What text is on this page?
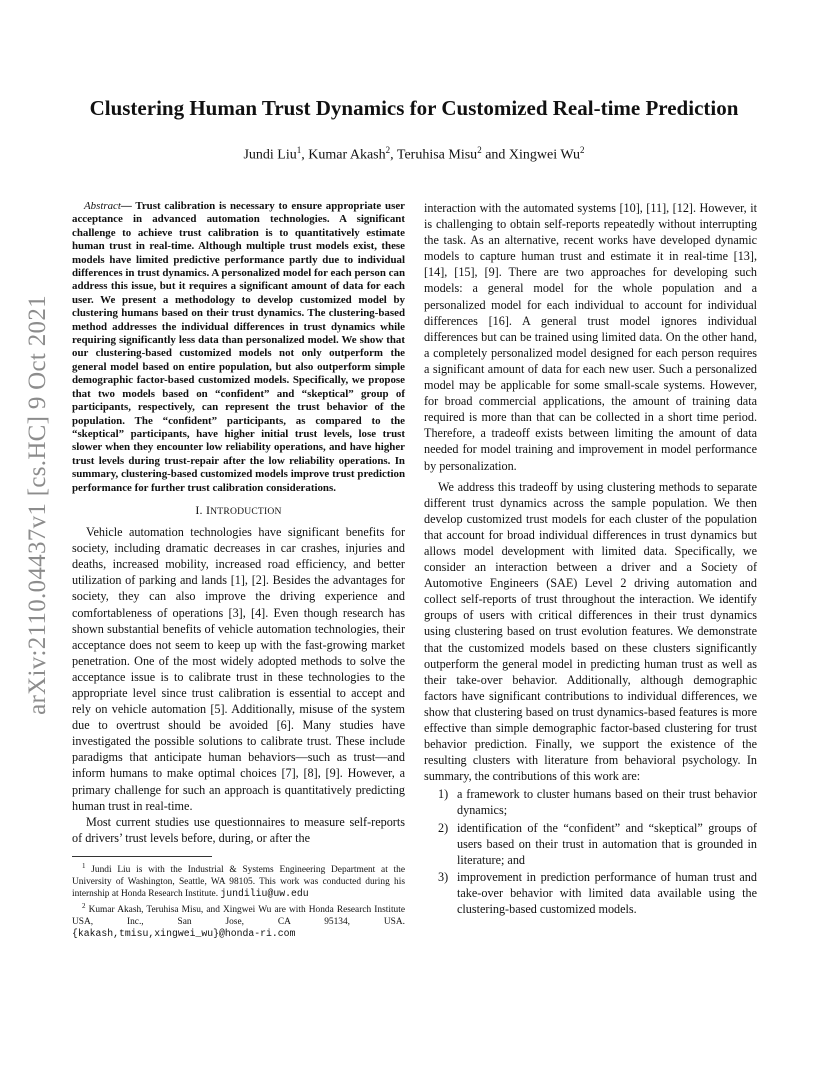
arXiv:2110.04437v1 [cs.HC] 9 Oct 2021
Clustering Human Trust Dynamics for Customized Real-time Prediction

Jundi Liu$^1$, Kumar Akash$^2$, Teruhisa Misu$^2$ and Xingwei Wu$^2$

Abstract— Trust calibration is necessary to ensure appropriate user acceptance in advanced automation technologies. A significant challenge to achieve trust calibration is to quantitatively estimate human trust in real-time. Although multiple trust models exist, these models have limited predictive performance partly due to individual differences in trust dynamics. A personalized model for each person can address this issue, but it requires a significant amount of data for each user. We present a methodology to develop customized model by clustering humans based on their trust dynamics. The clustering-based method addresses the individual differences in trust dynamics while requiring significantly less data than personalized model. We show that our clustering-based customized models not only outperform the general model based on entire population, but also outperform simple demographic factor-based customized models. Specifically, we propose that two models based on “confident” and “skeptical” group of participants, respectively, can represent the trust behavior of the population. The “confident” participants, as compared to the “skeptical” participants, have higher initial trust levels, lose trust slower when they encounter low reliability operations, and have higher trust levels during trust-repair after the low reliability operations. In summary, clustering-based customized models improve trust prediction performance for further trust calibration considerations.

I. INTRODUCTION

Vehicle automation technologies have significant benefits for society, including dramatic decreases in car crashes, injuries and deaths, increased mobility, increased road efficiency, and better utilization of parking and lands [1], [2]. Besides the advantages for society, they can also improve the driving experience and comfortableness of operations [3], [4]. Even though research has shown substantial benefits of vehicle automation technologies, their acceptance does not seem to keep up with the fast-growing market penetration. One of the most widely adopted methods to solve the acceptance issue is to calibrate trust in these technologies to the appropriate level since trust calibration is essential to accept and rely on vehicle automation [5]. Additionally, misuse of the system due to overtrust should be avoided [6]. Many studies have investigated the possible solutions to calibrate trust. These include paradigms that anticipate human behaviors—such as trust—and inform humans to make optimal choices [7], [8], [9]. However, a primary challenge for such an approach is quantitatively predicting human trust in real-time.

Most current studies use questionnaires to measure self-reports of drivers’ trust levels before, during, or after the

$^1$ Jundi Liu is with the Industrial & Systems Engineering Department at the University of Washington, Seattle, WA 98105. This work was conducted during his internship at Honda Research Institute. jundiliu@uw.edu

$^2$ Kumar Akash, Teruhisa Misu, and Xingwei Wu are with Honda Research Institute USA, Inc., San Jose, CA 95134, USA. {kakash,tmisu,xingwei_wu}@honda-ri.com

interaction with the automated systems [10], [11], [12]. However, it is challenging to obtain self-reports repeatedly without interrupting the task. As an alternative, recent works have developed dynamic models to capture human trust and estimate it in real-time [13], [14], [15], [9]. There are two approaches for developing such models: a general model for the whole population and a personalized model for each individual to account for individual differences [16]. A general trust model ignores individual differences but can be trained using limited data. On the other hand, a completely personalized model designed for each person requires a significant amount of data for each new user. Such a personalized model may be applicable for some small-scale systems. However, for broad commercial applications, the amount of training data required is more than that can be collected in a short time period. Therefore, a tradeoff exists between limiting the amount of data needed for model training and improvement in model performance by personalization.

We address this tradeoff by using clustering methods to separate different trust dynamics across the sample population. We then develop customized trust models for each cluster of the population that account for broad individual differences in trust dynamics but allows model development with limited data. Specifically, we consider an interaction between a driver and a Society of Automotive Engineers (SAE) Level 2 driving automation and collect self-reports of trust throughout the interaction. We identify groups of users with critical differences in their trust dynamics using clustering based on trust evolution features. We demonstrate that the customized models based on these clusters significantly outperform the general model in predicting human trust as well as their take-over behavior. Additionally, although demographic factors have significant contributions to individual differences, we show that clustering based on trust dynamics-based features is more effective than simple demographic factor-based clustering for trust behavior prediction. Finally, we support the existence of the resulting clusters with literature from behavioral psychology. In summary, the contributions of this work are:

1) a framework to cluster humans based on their trust behavior dynamics;
2) identification of the “confident” and “skeptical” groups of users based on their trust in automation that is grounded in literature; and
3) improvement in prediction performance of human trust and take-over behavior with limited data available using the clustering-based customized models.
